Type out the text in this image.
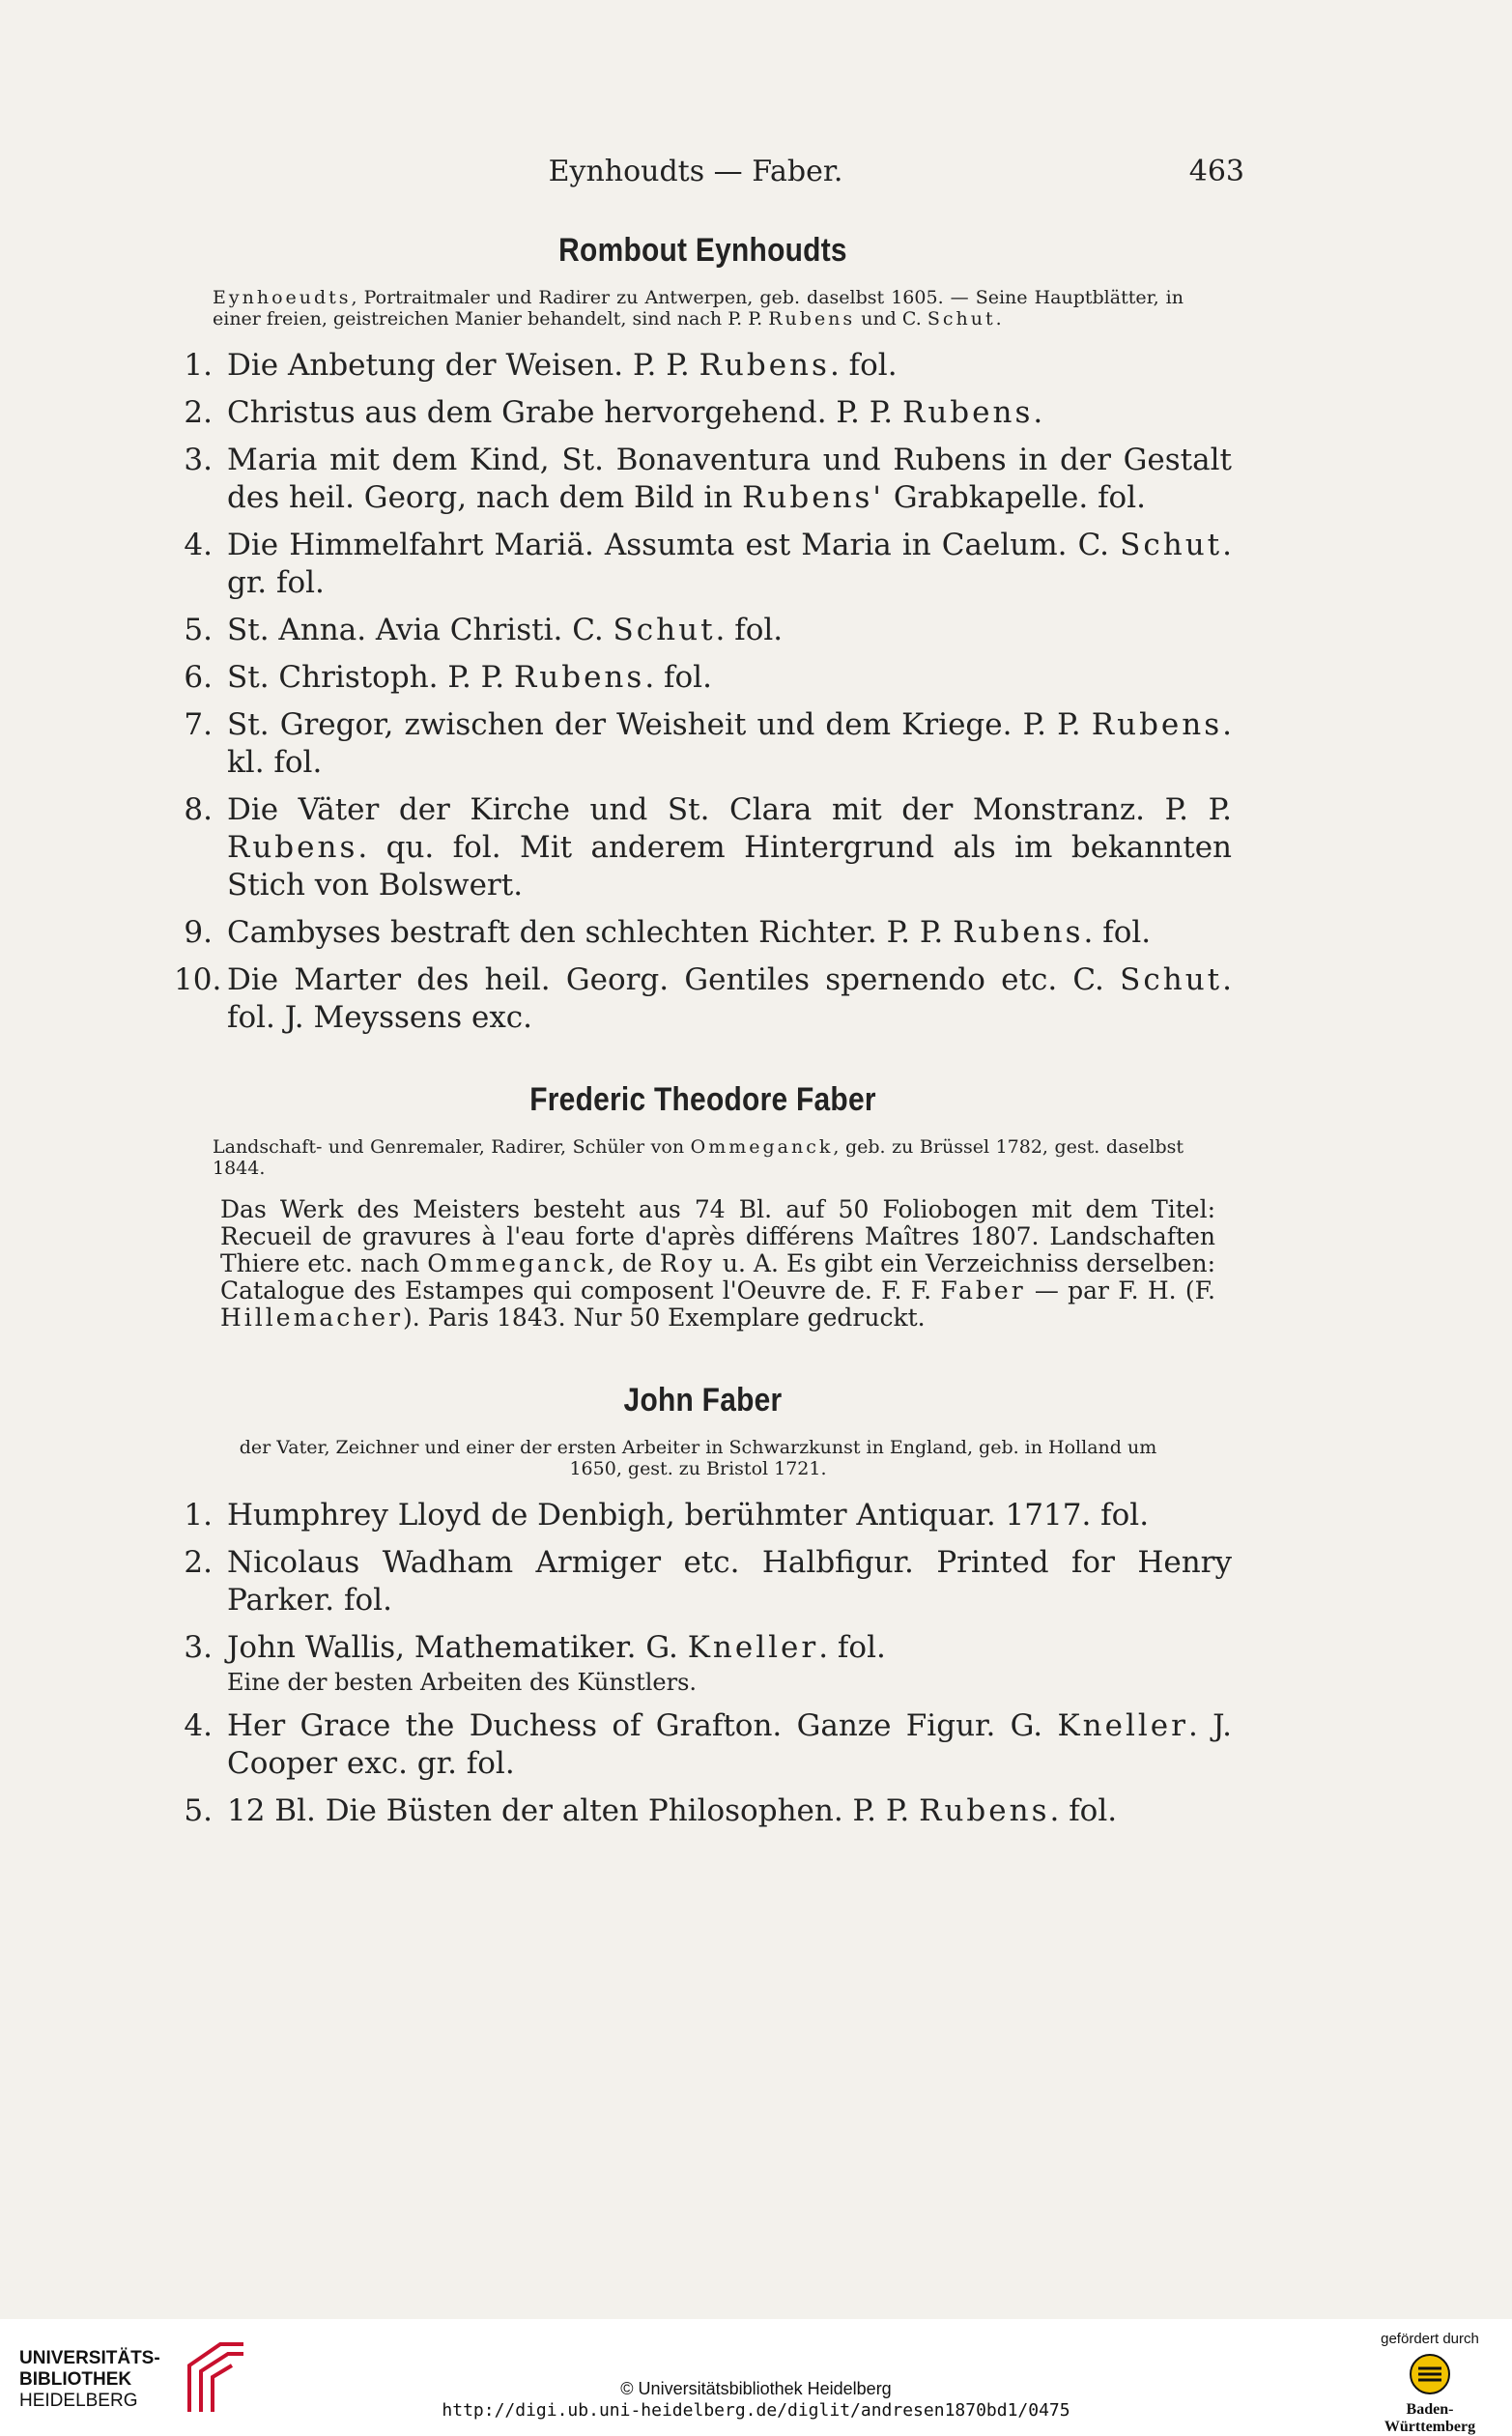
Eynhoudts — Faber.	463
Rombout Eynhoudts

Eynhoeudts, Portraitmaler und Radirer zu Antwerpen, geb. daselbst 1605. — Seine Hauptblätter, in einer freien, geistreichen Manier behandelt, sind nach P. P. Rubens und C. Schut.

1. Die Anbetung der Weisen. P. P. Rubens. fol.
2. Christus aus dem Grabe hervorgehend. P. P. Rubens.
3. Maria mit dem Kind, St. Bonaventura und Rubens in der Gestalt des heil. Georg, nach dem Bild in Rubens' Grabkapelle. fol.
4. Die Himmelfahrt Mariä. Assumta est Maria in Caelum. C. Schut. gr. fol.
5. St. Anna. Avia Christi. C. Schut. fol.
6. St. Christoph. P. P. Rubens. fol.
7. St. Gregor, zwischen der Weisheit und dem Kriege. P. P. Rubens. kl. fol.
8. Die Väter der Kirche und St. Clara mit der Monstranz. P. P. Rubens. qu. fol. Mit anderem Hintergrund als im bekannten Stich von Bolswert.
9. Cambyses bestraft den schlechten Richter. P. P. Rubens. fol.
10. Die Marter des heil. Georg. Gentiles spernendo etc. C. Schut. fol. J. Meyssens exc.
Frederic Theodore Faber

Landschaft- und Genremaler, Radirer, Schüler von Ommeganck, geb. zu Brüssel 1782, gest. daselbst 1844.

Das Werk des Meisters besteht aus 74 Bl. auf 50 Foliobogen mit dem Titel: Recueil de gravures à l'eau forte d'après différens Maîtres 1807. Landschaften Thiere etc. nach Ommeganck, de Roy u. A. Es gibt ein Verzeichniss derselben: Catalogue des Estampes qui composent l'Oeuvre de. F. F. Faber — par F. H. (F. Hillemacher). Paris 1843. Nur 50 Exemplare gedruckt.

John Faber

der Vater, Zeichner und einer der ersten Arbeiter in Schwarzkunst in England, geb. in Holland um 1650, gest. zu Bristol 1721.

1. Humphrey Lloyd de Denbigh, berühmter Antiquar. 1717. fol.
2. Nicolaus Wadham Armiger etc. Halbfigur. Printed for Henry Parker. fol.
3. John Wallis, Mathematiker. G. Kneller. fol.
Eine der besten Arbeiten des Künstlers.
4. Her Grace the Duchess of Grafton. Ganze Figur. G. Kneller. J. Cooper exc. gr. fol.
5. 12 Bl. Die Büsten der alten Philosophen. P. P. Rubens. fol.
UNIVERSITÄTS-
BIBLIOTHEK
HEIDELBERG
© Universitätsbibliothek Heidelberg
http://digi.ub.uni-heidelberg.de/diglit/andresen1870bd1/0475
gefördert durch
Baden-Württemberg
